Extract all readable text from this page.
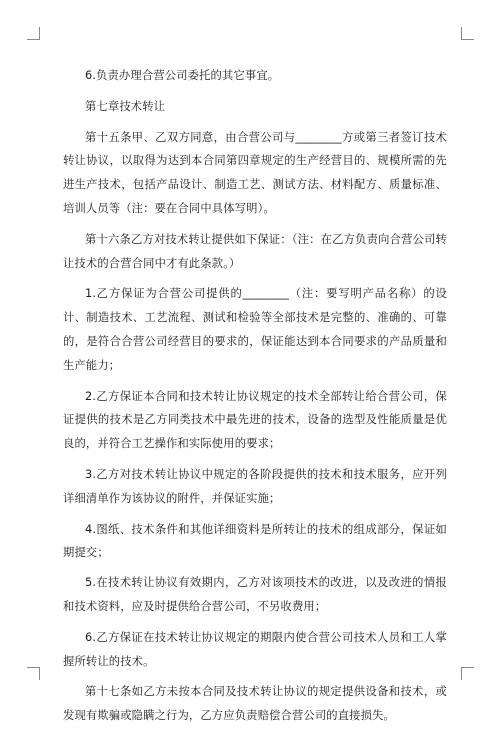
6.负责办理合营公司委托的其它事宜。

第七章技术转让

第十五条甲、乙双方同意，由合营公司与________方或第三者签订技术转让协议，以取得为达到本合同第四章规定的生产经营目的、规模所需的先进生产技术，包括产品设计、制造工艺、测试方法、材料配方、质量标准、培训人员等（注：要在合同中具体写明）。

第十六条乙方对技术转让提供如下保证：（注：在乙方负责向合营公司转让技术的合营合同中才有此条款。）

1.乙方保证为合营公司提供的________（注：要写明产品名称）的设计、制造技术、工艺流程、测试和检验等全部技术是完整的、准确的、可靠的，是符合合营公司经营目的要求的，保证能达到本合同要求的产品质量和生产能力；

2.乙方保证本合同和技术转让协议规定的技术全部转让给合营公司，保证提供的技术是乙方同类技术中最先进的技术，设备的选型及性能质量是优良的，并符合工艺操作和实际使用的要求；

3.乙方对技术转让协议中规定的各阶段提供的技术和技术服务，应开列详细清单作为该协议的附件，并保证实施；

4.图纸、技术条件和其他详细资料是所转让的技术的组成部分，保证如期提交；

5.在技术转让协议有效期内，乙方对该项技术的改进，以及改进的情报和技术资料，应及时提供给合营公司，不另收费用；

6.乙方保证在技术转让协议规定的期限内使合营公司技术人员和工人掌握所转让的技术。

第十七条如乙方未按本合同及技术转让协议的规定提供设备和技术，或发现有欺骗或隐瞒之行为，乙方应负责赔偿合营公司的直接损失。
